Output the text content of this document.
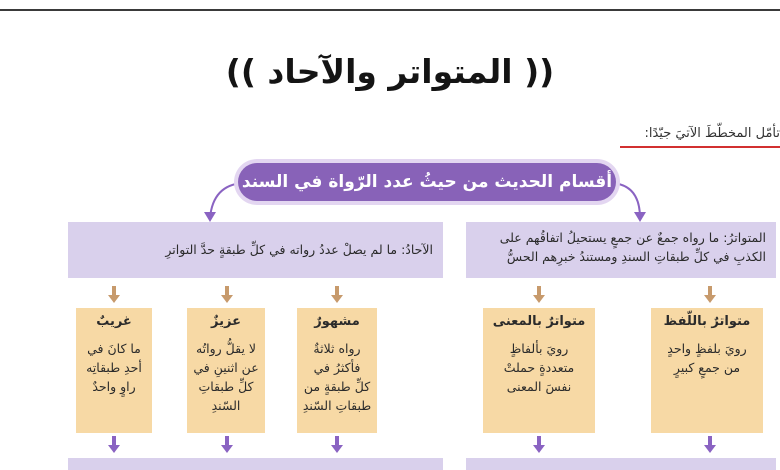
(( المتواتر والآحاد ))
تأمّل المخطّطَ الآتيَ جيّدًا:
أقسام الحديث من حيثُ عدد الرّواة في السند
الآحادُ: ما لم يصلْ عددُ رواته في كلِّ طبقةٍ حدَّ التواترِ
المتواترُ: ما رواه جمعٌ عن جمعٍ يستحيلُ اتفاقُهم على
الكذبِ في كلِّ طبقاتِ السندِ ومستندُ خبرِهم الحسُّ
غريبٌ
ما كانَ في
أحدِ طبقاتِه
راوٍ واحدٌ
عزيزٌ
لا يقلُّ رواتُه
عن اثنينِ في
كلِّ طبقاتِ
السّندِ
مشهورٌ
رواه ثلاثةٌ
فأكثرُ في
كلِّ طبقةٍ من
طبقاتِ السّندِ
متواترٌ بالمعنى
رويَ بألفاظٍ
متعددةٍ حملتْ
نفسَ المعنى
متواترٌ باللّفظ
رويَ بلفظٍ واحدٍ
من جمعٍ كبيرٍ
